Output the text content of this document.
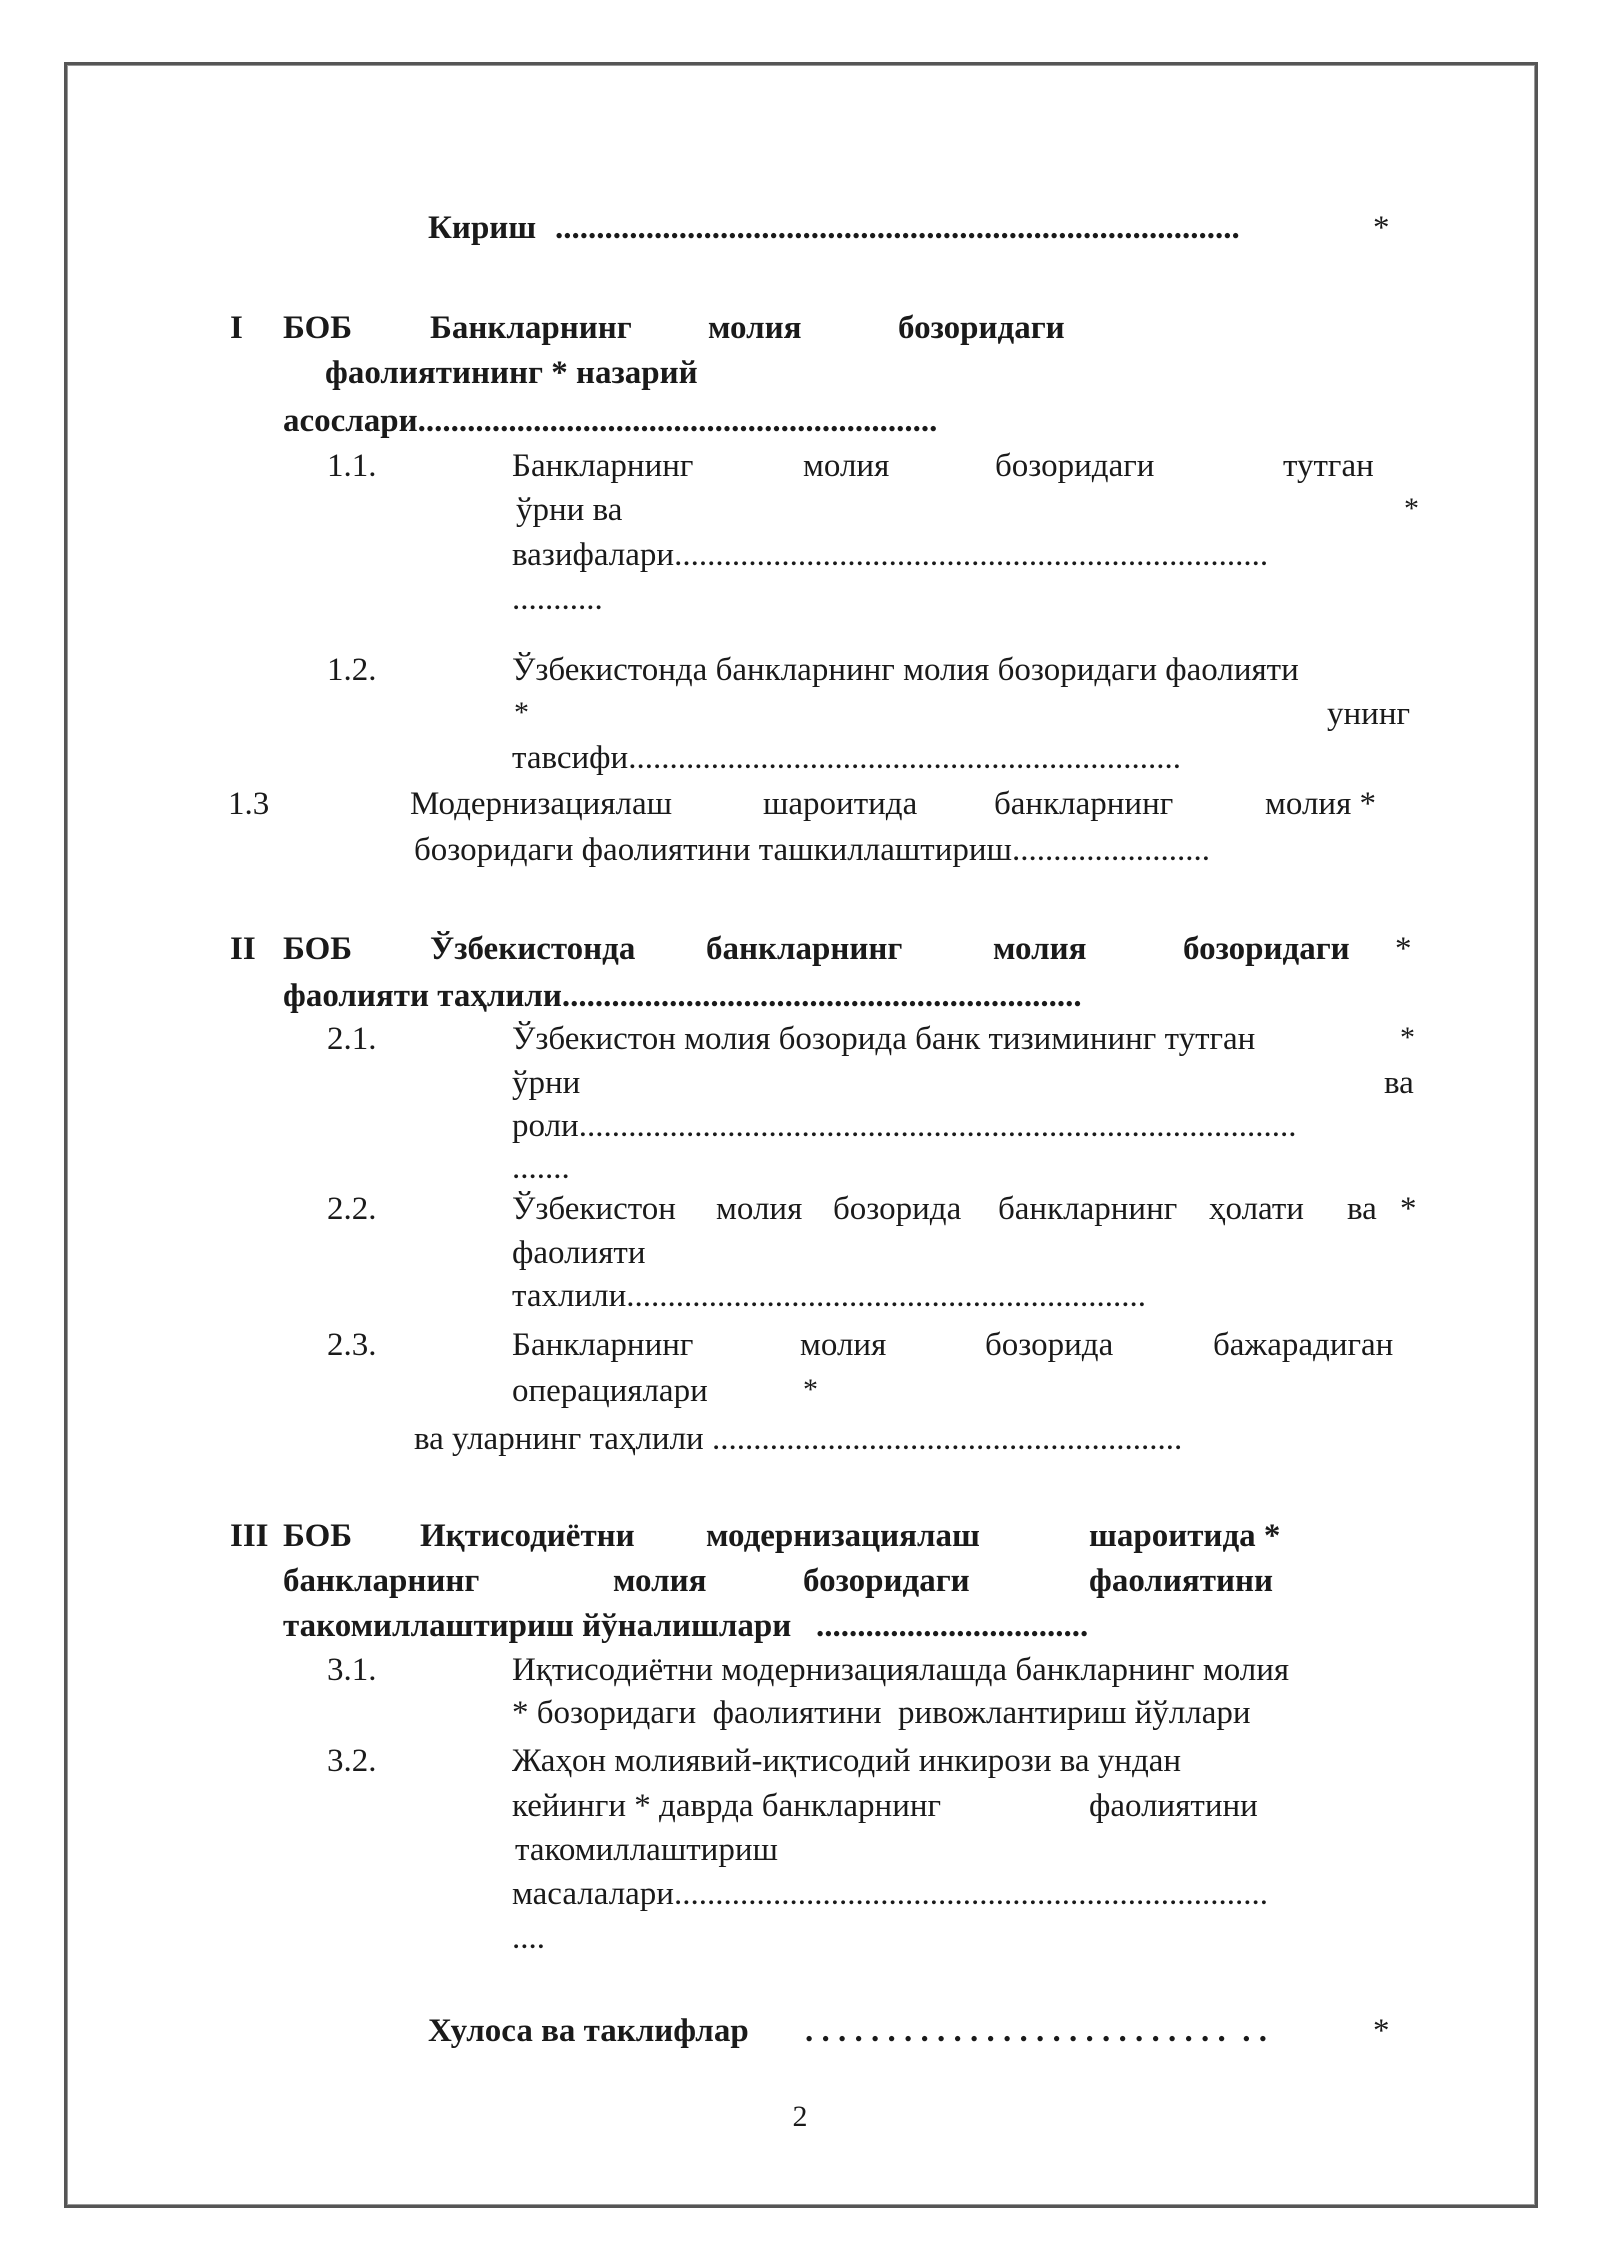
Кириш ...................................................................................	*
I БОБ Банкларнинг молия	бозоридаги
фаолиятининг * назарий
асослари...............................................................
1.1.	Банкларнинг	молия	бозоридаги	тутган
ўрни ва	*
вазифалари........................................................................
...........
1.2.	Ўзбекистонда банкларнинг молия бозоридаги фаолияти
*	унинг
тавсифи...................................................................
1.3	Модернизациялаш	шароитида банкларнинг	молия *
бозоридаги фаолиятини ташкиллаштириш........................
II БОБ Ўзбекистонда банкларнинг	молия	бозоридаги *
фаолияти таҳлили...............................................................
2.1.	Ўзбекистон молия бозорида банк тизимининг тутган	*
ўрни	ва
роли.......................................................................................
.......
2.2.	Ўзбекистон молия бозорида банкларнинг ҳолати ва *
фаолияти
тахлили...............................................................
2.3.	Банкларнинг	молия	бозорида	бажарадиган
операциялари	*
ва уларнинг таҳлили .........................................................
III БОБ Иқтисодиётни модернизациялаш	шароитида *
банкларнинг	молия	бозоридаги	фаолиятини
такомиллаштириш йўналишлари   .................................
3.1.	Иқтисодиётни модернизациялашда банкларнинг молия
* бозоридаги  фаолиятини  ривожлантириш йўллари
3.2.	Жаҳон молиявий-иқтисодий инкирози ва ундан
кейинги * даврда банкларнинг	фаолиятини
такомиллаштириш
масалалари........................................................................
....
Хулоса ва таклифлар . . . . . . . . . . . . . . . . . . . . . . . . . .  . .	*
2
